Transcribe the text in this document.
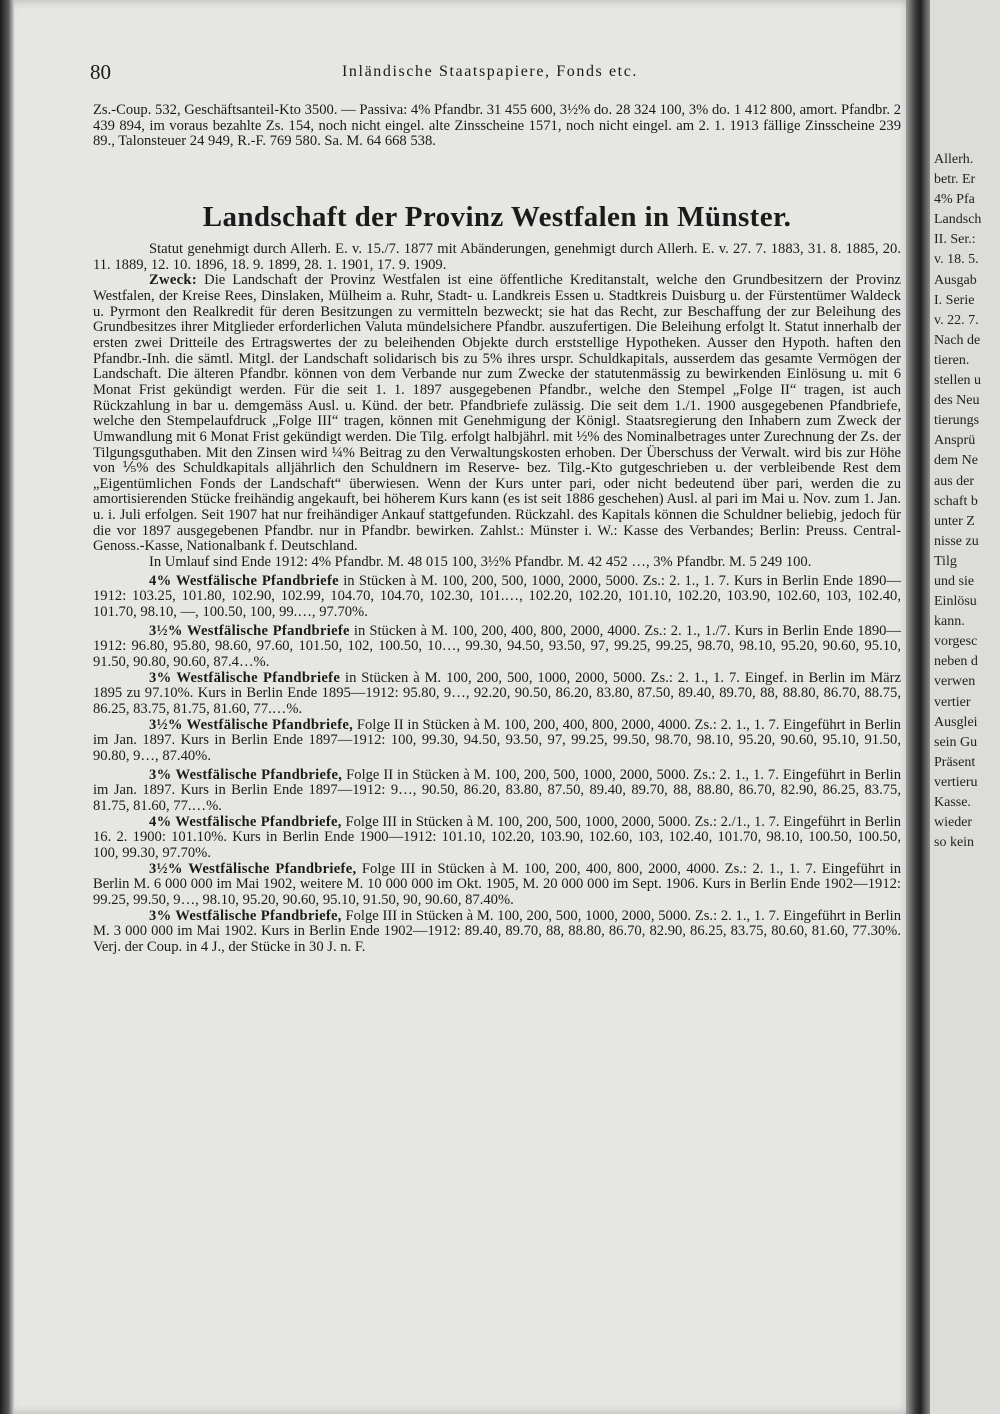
80	Inländische Staatspapiere, Fonds etc.

Zs.-Coup. 532, Geschäftsanteil-Kto 3500. — Passiva: 4% Pfandbr. 31 455 600, 3½% do. 28 324 100, 3% do. 1 412 800, amort. Pfandbr. 2 439 894, im voraus bezahlte Zs. 154, noch nicht eingel. alte Zinsscheine 1571, noch nicht eingel. am 2. 1. 1913 fällige Zinsscheine 239 89., Talonsteuer 24 949, R.-F. 769 580. Sa. M. 64 668 538.

Landschaft der Provinz Westfalen in Münster.

Statut genehmigt durch Allerh. E. v. 15./7. 1877 mit Abänderungen, genehmigt durch Allerh. E. v. 27. 7. 1883, 31. 8. 1885, 20. 11. 1889, 12. 10. 1896, 18. 9. 1899, 28. 1. 1901, 17. 9. 1909.

Zweck: Die Landschaft der Provinz Westfalen ist eine öffentliche Kreditanstalt, welche den Grundbesitzern der Provinz Westfalen, der Kreise Rees, Dinslaken, Mülheim a. Ruhr, Stadt- u. Landkreis Essen u. Stadtkreis Duisburg u. der Fürstentümer Waldeck u. Pyrmont den Realkredit für deren Besitzungen zu vermitteln bezweckt; sie hat das Recht, zur Beschaffung der zur Beleihung des Grundbesitzes ihrer Mitglieder erforderlichen Valuta mündelsichere Pfandbr. auszufertigen. Die Beleihung erfolgt lt. Statut innerhalb der ersten zwei Dritteile des Ertragswertes der zu beleihenden Objekte durch erststellige Hypotheken. Ausser den Hypoth. haften den Pfandbr.-Inh. die sämtl. Mitgl. der Landschaft solidarisch bis zu 5% ihres urspr. Schuldkapitals, ausserdem das gesamte Vermögen der Landschaft. Die älteren Pfandbr. können von dem Verbande nur zum Zwecke der statutenmässig zu bewirkenden Einlösung u. mit 6 Monat Frist gekündigt werden. Für die seit 1. 1. 1897 ausgegebenen Pfandbr., welche den Stempel „Folge II“ tragen, ist auch Rückzahlung in bar u. demgemäss Ausl. u. Künd. der betr. Pfandbriefe zulässig. Die seit dem 1./1. 1900 ausgegebenen Pfandbriefe, welche den Stempelaufdruck „Folge III“ tragen, können mit Genehmigung der Königl. Staatsregierung den Inhabern zum Zweck der Umwandlung mit 6 Monat Frist gekündigt werden. Die Tilg. erfolgt halbjährl. mit ½% des Nominalbetrages unter Zurechnung der Zs. der Tilgungsguthaben. Mit den Zinsen wird ¼% Beitrag zu den Verwaltungskosten erhoben. Der Überschuss der Verwalt. wird bis zur Höhe von ⅕% des Schuldkapitals alljährlich den Schuldnern im Reserve- bez. Tilg.-Kto gutgeschrieben u. der verbleibende Rest dem „Eigentümlichen Fonds der Landschaft“ überwiesen. Wenn der Kurs unter pari, oder nicht bedeutend über pari, werden die zu amortisierenden Stücke freihändig angekauft, bei höherem Kurs kann (es ist seit 1886 geschehen) Ausl. al pari im Mai u. Nov. zum 1. Jan. u. i. Juli erfolgen. Seit 1907 hat nur freihändiger Ankauf stattgefunden. Rückzahl. des Kapitals können die Schuldner beliebig, jedoch für die vor 1897 ausgegebenen Pfandbr. nur in Pfandbr. bewirken. Zahlst.: Münster i. W.: Kasse des Verbandes; Berlin: Preuss. Central-Genoss.-Kasse, Nationalbank f. Deutschland.

In Umlauf sind Ende 1912: 4% Pfandbr. M. 48 015 100, 3½% Pfandbr. M. 42 452 …, 3% Pfandbr. M. 5 249 100.

4% Westfälische Pfandbriefe in Stücken à M. 100, 200, 500, 1000, 2000, 5000. Zs.: 2. 1., 1. 7. Kurs in Berlin Ende 1890—1912: 103.25, 101.80, 102.90, 102.99, 104.70, 104.70, 102.30, 101.…, 102.20, 102.20, 101.10, 102.20, 103.90, 102.60, 103, 102.40, 101.70, 98.10, —, 100.50, 100, 99.…, 97.70%.

3½% Westfälische Pfandbriefe in Stücken à M. 100, 200, 400, 800, 2000, 4000. Zs.: 2. 1., 1./7. Kurs in Berlin Ende 1890—1912: 96.80, 95.80, 98.60, 97.60, 101.50, 102, 100.50, 10…, 99.30, 94.50, 93.50, 97, 99.25, 99.25, 98.70, 98.10, 95.20, 90.60, 95.10, 91.50, 90.80, 90.60, 87.4…%.

3% Westfälische Pfandbriefe in Stücken à M. 100, 200, 500, 1000, 2000, 5000. Zs.: 2. 1., 1. 7. Eingef. in Berlin im März 1895 zu 97.10%. Kurs in Berlin Ende 1895—1912: 95.80, 9…, 92.20, 90.50, 86.20, 83.80, 87.50, 89.40, 89.70, 88, 88.80, 86.70, 88.75, 86.25, 83.75, 81.75, 81.60, 77.…%.

3½% Westfälische Pfandbriefe, Folge II in Stücken à M. 100, 200, 400, 800, 2000, 4000. Zs.: 2. 1., 1. 7. Eingeführt in Berlin im Jan. 1897. Kurs in Berlin Ende 1897—1912: 100, 99.30, 94.50, 93.50, 97, 99.25, 99.50, 98.70, 98.10, 95.20, 90.60, 95.10, 91.50, 90.80, 9…, 87.40%.

3% Westfälische Pfandbriefe, Folge II in Stücken à M. 100, 200, 500, 1000, 2000, 5000. Zs.: 2. 1., 1. 7. Eingeführt in Berlin im Jan. 1897. Kurs in Berlin Ende 1897—1912: 9…, 90.50, 86.20, 83.80, 87.50, 89.40, 89.70, 88, 88.80, 86.70, 82.90, 86.25, 83.75, 81.75, 81.60, 77.…%.

4% Westfälische Pfandbriefe, Folge III in Stücken à M. 100, 200, 500, 1000, 2000, 5000. Zs.: 2./1., 1. 7. Eingeführt in Berlin 16. 2. 1900: 101.10%. Kurs in Berlin Ende 1900—1912: 101.10, 102.20, 103.90, 102.60, 103, 102.40, 101.70, 98.10, 100.50, 100.50, 100, 99.30, 97.70%.

3½% Westfälische Pfandbriefe, Folge III in Stücken à M. 100, 200, 400, 800, 2000, 4000. Zs.: 2. 1., 1. 7. Eingeführt in Berlin M. 6 000 000 im Mai 1902, weitere M. 10 000 000 im Okt. 1905, M. 20 000 000 im Sept. 1906. Kurs in Berlin Ende 1902—1912: 99.25, 99.50, 9…, 98.10, 95.20, 90.60, 95.10, 91.50, 90, 90.60, 87.40%.

3% Westfälische Pfandbriefe, Folge III in Stücken à M. 100, 200, 500, 1000, 2000, 5000. Zs.: 2. 1., 1. 7. Eingeführt in Berlin M. 3 000 000 im Mai 1902. Kurs in Berlin Ende 1902—1912: 89.40, 89.70, 88, 88.80, 86.70, 82.90, 86.25, 83.75, 80.60, 81.60, 77.30%. Verj. der Coup. in 4 J., der Stücke in 30 J. n. F.

Allerh.
betr. Er
4% Pfa
Landsch
II. Ser.:
v. 18. 5.
Ausgab
I. Serie
v. 22. 7.
Nach de
tieren.
stellen u
des Neu
tierungs
Ansprü
dem Ne
aus der
schaft b
unter Z
nisse zu
Tilg
und sie
Einlösu
kann.
vorgesc
neben d
verwen
vertier
Ausglei
sein Gu
Präsent
vertieru
Kasse.
wieder
so kein
